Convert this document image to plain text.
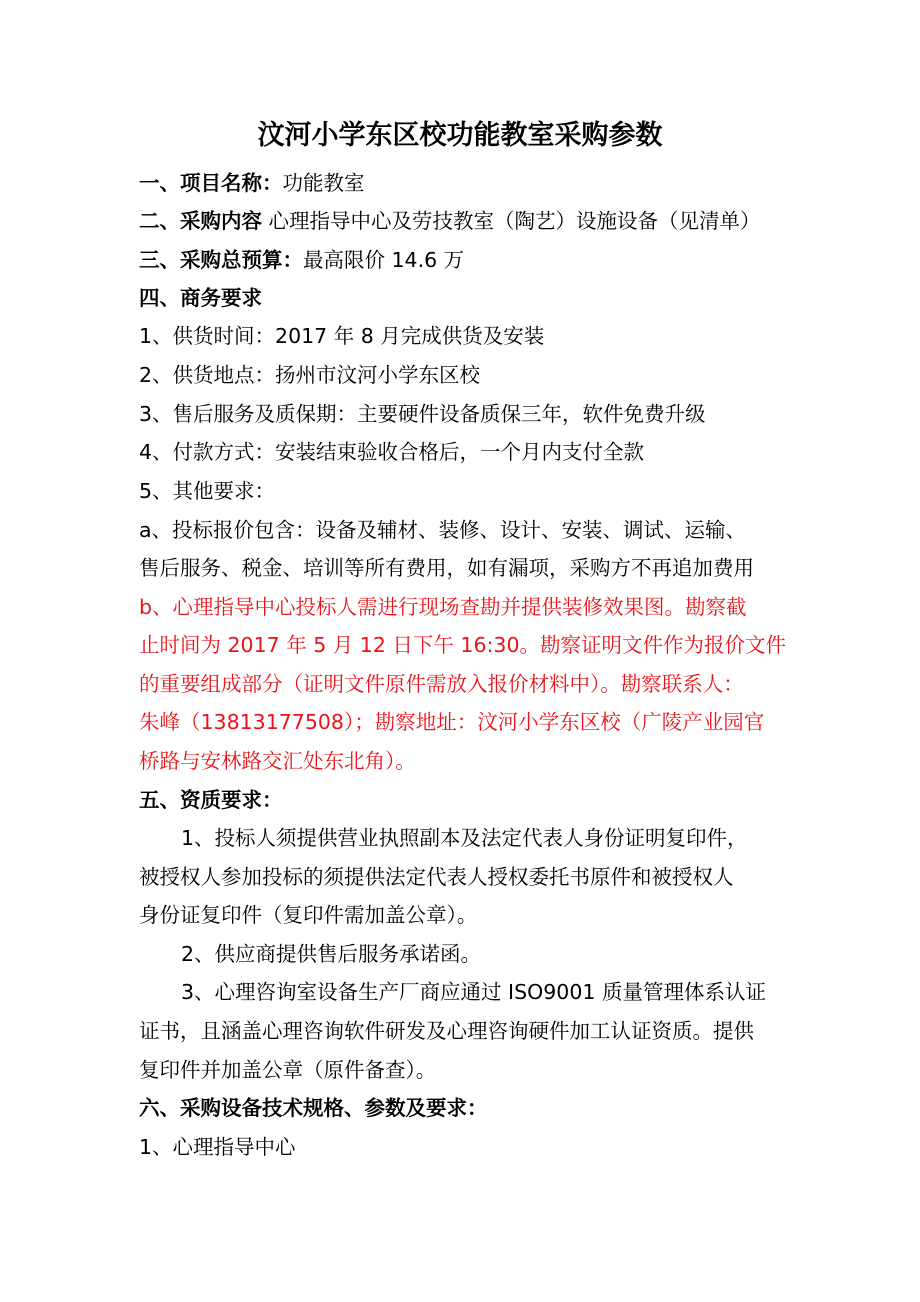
汶河小学东区校功能教室采购参数
一、项目名称：功能教室
二、采购内容 心理指导中心及劳技教室（陶艺）设施设备（见清单）
三、采购总预算：最高限价 14.6 万
四、商务要求
1、供货时间：2017 年 8 月完成供货及安装
2、供货地点：扬州市汶河小学东区校
3、售后服务及质保期：主要硬件设备质保三年，软件免费升级
4、付款方式：安装结束验收合格后，一个月内支付全款
5、其他要求：
a、投标报价包含：设备及辅材、装修、设计、安装、调试、运输、
售后服务、税金、培训等所有费用，如有漏项，采购方不再追加费用
b、心理指导中心投标人需进行现场查勘并提供装修效果图。勘察截
止时间为 2017 年 5 月 12 日下午 16:30。勘察证明文件作为报价文件
的重要组成部分（证明文件原件需放入报价材料中）。勘察联系人：
朱峰（13813177508）；勘察地址：汶河小学东区校（广陵产业园官
桥路与安林路交汇处东北角）。
五、资质要求：
1、投标人须提供营业执照副本及法定代表人身份证明复印件，
被授权人参加投标的须提供法定代表人授权委托书原件和被授权人
身份证复印件（复印件需加盖公章）。
2、供应商提供售后服务承诺函。
3、心理咨询室设备生产厂商应通过 ISO9001 质量管理体系认证
证书，且涵盖心理咨询软件研发及心理咨询硬件加工认证资质。提供
复印件并加盖公章（原件备查）。
六、采购设备技术规格、参数及要求：
1、心理指导中心
